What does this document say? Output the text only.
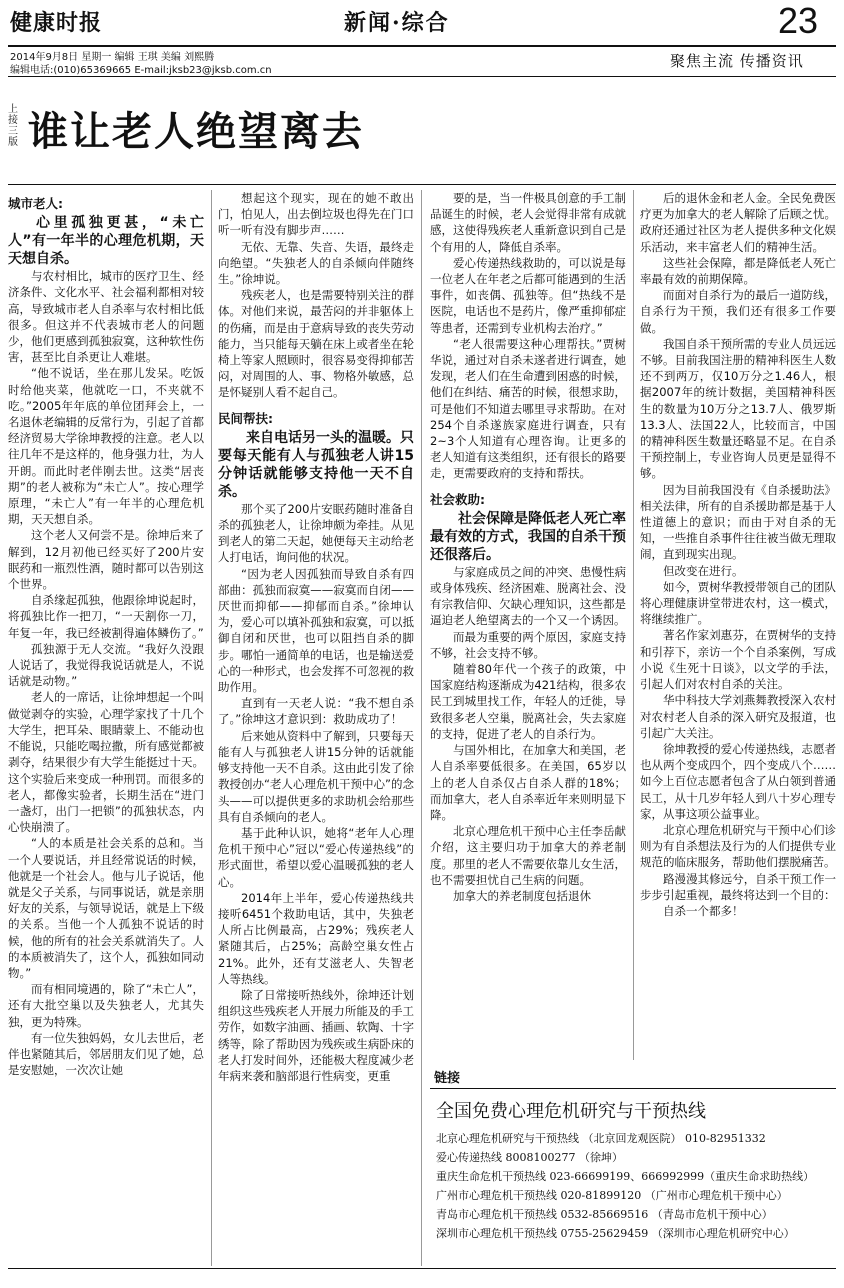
健康时报	新闻·综合	23
2014年9月8日 星期一 编辑 王琪 美编 刘熙腾
编辑电话:(010)65369665 E-mail:jksb23@jksb.com.cn
聚焦主流 传播资讯
上接三版 谁让老人绝望离去
城市老人:

心里孤独更甚，“未亡人”有一年半的心理危机期，天天想自杀。

与农村相比，城市的医疗卫生、经济条件、文化水平、社会福利都相对较高，导致城市老人自杀率与农村相比低很多。但这并不代表城市老人的问题少，他们更感到孤独寂寞，这种软性伤害，甚至比自杀更让人难堪。

“他不说话，坐在那儿发呆。吃饭时给他夹菜，他就吃一口，不夹就不吃。”2005年年底的单位团拜会上，一名退休老编辑的反常行为，引起了首都经济贸易大学徐坤教授的注意。老人以往几年不是这样的，他身强力壮，为人开朗。而此时老伴刚去世。这类“居丧期”的老人被称为“未亡人”。按心理学原理，“未亡人”有一年半的心理危机期，天天想自杀。

这个老人又何尝不是。徐坤后来了解到，12月初他已经买好了200片安眠药和一瓶烈性酒，随时都可以告别这个世界。

自杀缘起孤独，他跟徐坤说起时，将孤独比作一把刀，“一天割你一刀，年复一年，我已经被割得遍体鳞伤了。”

孤独源于无人交流。“我好久没跟人说话了，我觉得我说话就是人，不说话就是动物。”

老人的一席话，让徐坤想起一个叫做觉剥夺的实验，心理学家找了十几个大学生，把耳朵、眼睛蒙上、不能动也不能说，只能吃喝拉撒，所有感觉都被剥夺，结果很少有大学生能挺过十天。这个实验后来变成一种刑罚。而很多的老人，都像实验者，长期生活在“进门一盏灯，出门一把锁”的孤独状态，内心快崩溃了。

“人的本质是社会关系的总和。当一个人要说话，并且经常说话的时候，他就是一个社会人。他与儿子说话，他就是父子关系，与同事说话，就是亲朋好友的关系，与领导说话，就是上下级的关系。当他一个人孤独不说话的时候，他的所有的社会关系就消失了。人的本质被消失了，这个人，孤独如同动物。”

而有相同境遇的，除了“未亡人”，还有大批空巢以及失独老人，尤其失独，更为特殊。

有一位失独妈妈，女儿去世后，老伴也紧随其后，邻居朋友们见了她，总是安慰她，一次次让她

想起这个现实，现在的她不敢出门，怕见人，出去倒垃圾也得先在门口听一听有没有脚步声……

无依、无靠、失音、失语，最终走向绝望。“失独老人的自杀倾向伴随终生。”徐坤说。

残疾老人，也是需要特别关注的群体。对他们来说，最苦闷的并非躯体上的伤痛，而是由于意病导致的丧失劳动能力，当只能每天躺在床上或者坐在轮椅上等家人照顾时，很容易变得抑郁苦闷，对周围的人、事、物格外敏感，总是怀疑别人看不起自己。

民间帮扶:

来自电话另一头的温暖。只要每天能有人与孤独老人讲15分钟话就能够支持他一天不自杀。

那个买了200片安眠药随时准备自杀的孤独老人，让徐坤颇为牵挂。从见到老人的第二天起，她便每天主动给老人打电话，询问他的状况。

“因为老人因孤独而导致自杀有四部曲：孤独而寂寞——寂寞而自闭——厌世而抑郁——抑郁而自杀。”徐坤认为，爱心可以填补孤独和寂寞，可以抵御自闭和厌世，也可以阻挡自杀的脚步。哪怕一通简单的电话，也是输送爱心的一种形式，也会发挥不可忽视的救助作用。

直到有一天老人说：“我不想自杀了。”徐坤这才意识到：救助成功了！

后来她从资料中了解到，只要每天能有人与孤独老人讲15分钟的话就能够支持他一天不自杀。这由此引发了徐教授创办“老人心理危机干预中心”的念头——可以提供更多的求助机会给那些具有自杀倾向的老人。

基于此种认识，她将“老年人心理危机干预中心”冠以“爱心传递热线”的形式面世，希望以爱心温暖孤独的老人心。

2014年上半年，爱心传递热线共接听6451个救助电话，其中，失独老人所占比例最高，占29%；残疾老人紧随其后，占25%；高龄空巢女性占21%。此外，还有艾滋老人、失智老人等热线。

除了日常接听热线外，徐坤还计划组织这些残疾老人开展力所能及的手工劳作，如数字油画、插画、软陶、十字绣等，除了帮助因为残疾或生病卧床的老人打发时间外，还能极大程度减少老年病来袭和脑部退行性病变，更重

要的是，当一件极具创意的手工制品诞生的时候，老人会觉得非常有成就感，这使得残疾老人重新意识到自己是个有用的人，降低自杀率。

爱心传递热线救助的，可以说是每一位老人在年老之后都可能遇到的生活事件，如丧偶、孤独等。但“热线不是医院，电话也不是药片，像严重抑郁症等患者，还需到专业机构去治疗。”

“老人很需要这种心理帮扶。”贾树华说，通过对自杀未遂者进行调查，她发现，老人们在生命遭到困惑的时候，他们在纠结、痛苦的时候，很想求助，可是他们不知道去哪里寻求帮助。在对254个自杀遂族家庭进行调查，只有2~3个人知道有心理咨询。让更多的老人知道有这类组织，还有很长的路要走，更需要政府的支持和帮扶。

社会救助:

社会保障是降低老人死亡率最有效的方式，我国的自杀干预还很落后。

与家庭成员之间的冲突、患慢性病或身体残疾、经济困难、脱离社会、没有宗教信仰、欠缺心理知识，这些都是逼迫老人绝望离去的一个又一个诱因。

而最为重要的两个原因，家庭支持不够，社会支持不够。

随着80年代一个孩子的政策，中国家庭结构逐渐成为421结构，很多农民工到城里找工作，年轻人的迁徙，导致很多老人空巢，脱离社会，失去家庭的支持，促进了老人的自杀行为。

与国外相比，在加拿大和美国，老人自杀率要低很多。在美国，65岁以上的老人自杀仅占自杀人群的18%；而加拿大，老人自杀率近年来则明显下降。

北京心理危机干预中心主任李岳献介绍，这主要归功于加拿大的养老制度。那里的老人不需要依靠儿女生活，也不需要担忧自己生病的问题。

加拿大的养老制度包括退休

后的退休金和老人金。全民免费医疗更为加拿大的老人解除了后顾之忧。政府还通过社区为老人提供多种文化娱乐活动，来丰富老人们的精神生活。

这些社会保障，都是降低老人死亡率最有效的前期保障。

而面对自杀行为的最后一道防线，自杀行为干预，我们还有很多工作要做。

我国自杀干预所需的专业人员远远不够。目前我国注册的精神科医生人数还不到两万，仅10万分之1.46人，根据2007年的统计数据，美国精神科医生的数量为10万分之13.7人、俄罗斯13.3人、法国22人，比较而言，中国的精神科医生数量还略显不足。在自杀干预控制上，专业咨询人员更是显得不够。

因为目前我国没有《自杀援助法》相关法律，所有的自杀援助都是基于人性道德上的意识；而由于对自杀的无知，一些推自杀事件往往被当做无理取闹，直到现实出现。

但改变在进行。

如今，贾树华教授带领自己的团队将心理健康讲堂带进农村，这一模式，将继续推广。

著名作家刘惠芬，在贾树华的支持和引荐下，亲访一个个自杀案例，写成小说《生死十日谈》，以文学的手法，引起人们对农村自杀的关注。

华中科技大学刘燕舞教授深入农村对农村老人自杀的深入研究及报道，也引起广大关注。

徐坤教授的爱心传递热线，志愿者也从两个变成四个，四个变成八个……如今上百位志愿者包含了从白领到普通民工，从十几岁年轻人到八十岁心理专家，从事这项公益事业。

北京心理危机研究与干预中心们诊则为有自杀想法及行为的人们提供专业规范的临床服务，帮助他们摆脱痛苦。

路漫漫其修远兮，自杀干预工作一步步引起重视，最终将达到一个目的：

自杀一个都多！

链接
全国免费心理危机研究与干预热线
北京心理危机研究与干预热线 （北京回龙观医院） 010-82951332
爱心传递热线 8008100277 （徐坤）
重庆生命危机干预热线 023-66699199、666992999（重庆生命求助热线）
广州市心理危机干预热线 020-81899120 （广州市心理危机干预中心）
青岛市心理危机干预热线 0532-85669516 （青岛市危机干预中心）
深圳市心理危机干预热线 0755-25629459 （深圳市心理危机研究中心）
